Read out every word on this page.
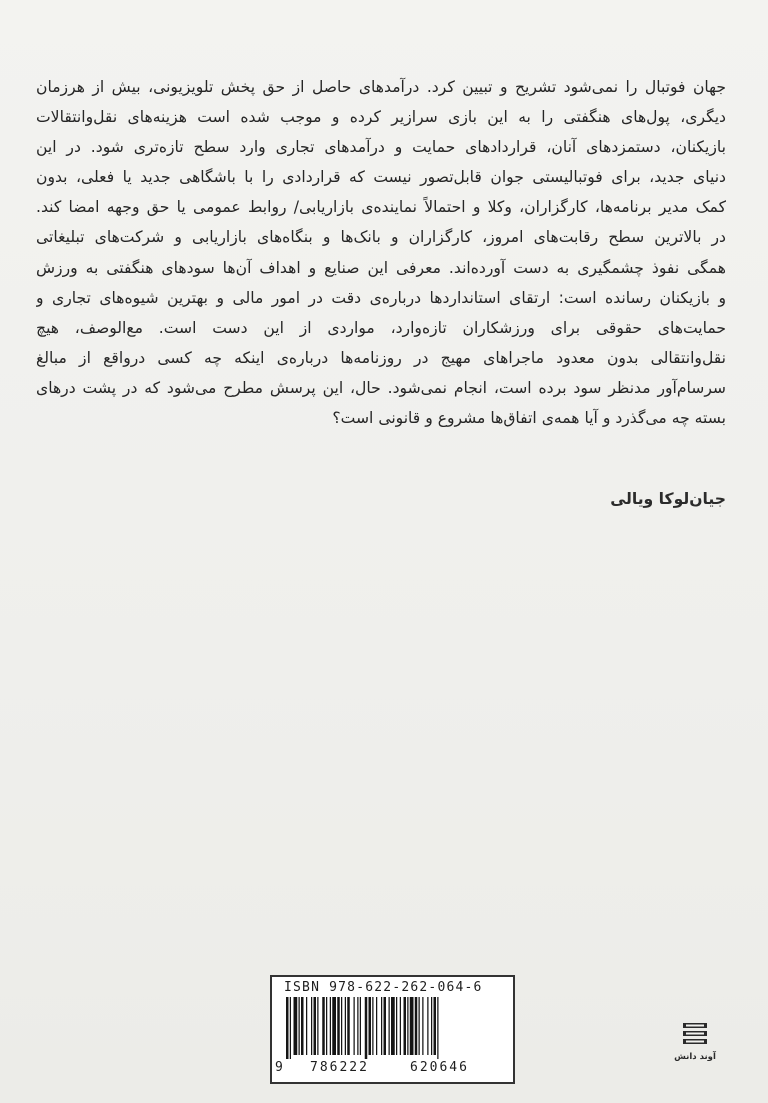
جهان فوتبال را نمی‌شود تشریح و تبیین کرد. درآمدهای حاصل از حق پخش تلویزیونی، بیش از هرزمان
دیگری، پول‌های هنگفتی را به این بازی سرازیر کرده و موجب شده است هزینه‌های نقل‌وانتقالات
بازیکنان، دستمزدهای آنان، قراردادهای حمایت و درآمدهای تجاری وارد سطح تازه‌تری شود. در این
دنیای جدید، برای فوتبالیستی جوان قابل‌تصور نیست که قراردادی را با باشگاهی جدید یا فعلی، بدون
کمک مدیر برنامه‌ها، کارگزاران، وکلا و احتمالاً نماینده‌ی بازاریابی/ روابط عمومی یا حق وجهه امضا کند.
در بالاترین سطح رقابت‌های امروز، کارگزاران و بانک‌ها و بنگاه‌های بازاریابی و شرکت‌های تبلیغاتی
همگی نفوذ چشمگیری به دست آورده‌اند. معرفی این صنایع و اهداف آن‌ها سودهای هنگفتی به ورزش
و بازیکنان رسانده است: ارتقای استانداردها درباره‌ی دقت در امور مالی و بهترین شیوه‌های تجاری و
حمایت‌های حقوقی برای ورزشکاران تازه‌وارد، مواردی از این دست است. مع‌الوصف، هیچ
نقل‌وانتقالی بدون معدود ماجراهای مهیج در روزنامه‌ها درباره‌ی اینکه چه کسی درواقع از مبالغ
سرسام‌آور مدنظر سود برده است، انجام نمی‌شود. حال، این پرسش مطرح می‌شود که در پشت درهای
بسته چه می‌گذرد و آیا همه‌ی اتفاق‌ها مشروع و قانونی است؟
جیان‌لوکا ویالی
ISBN 978-622-262-064-6
9 786222	620646
آوند دانش
